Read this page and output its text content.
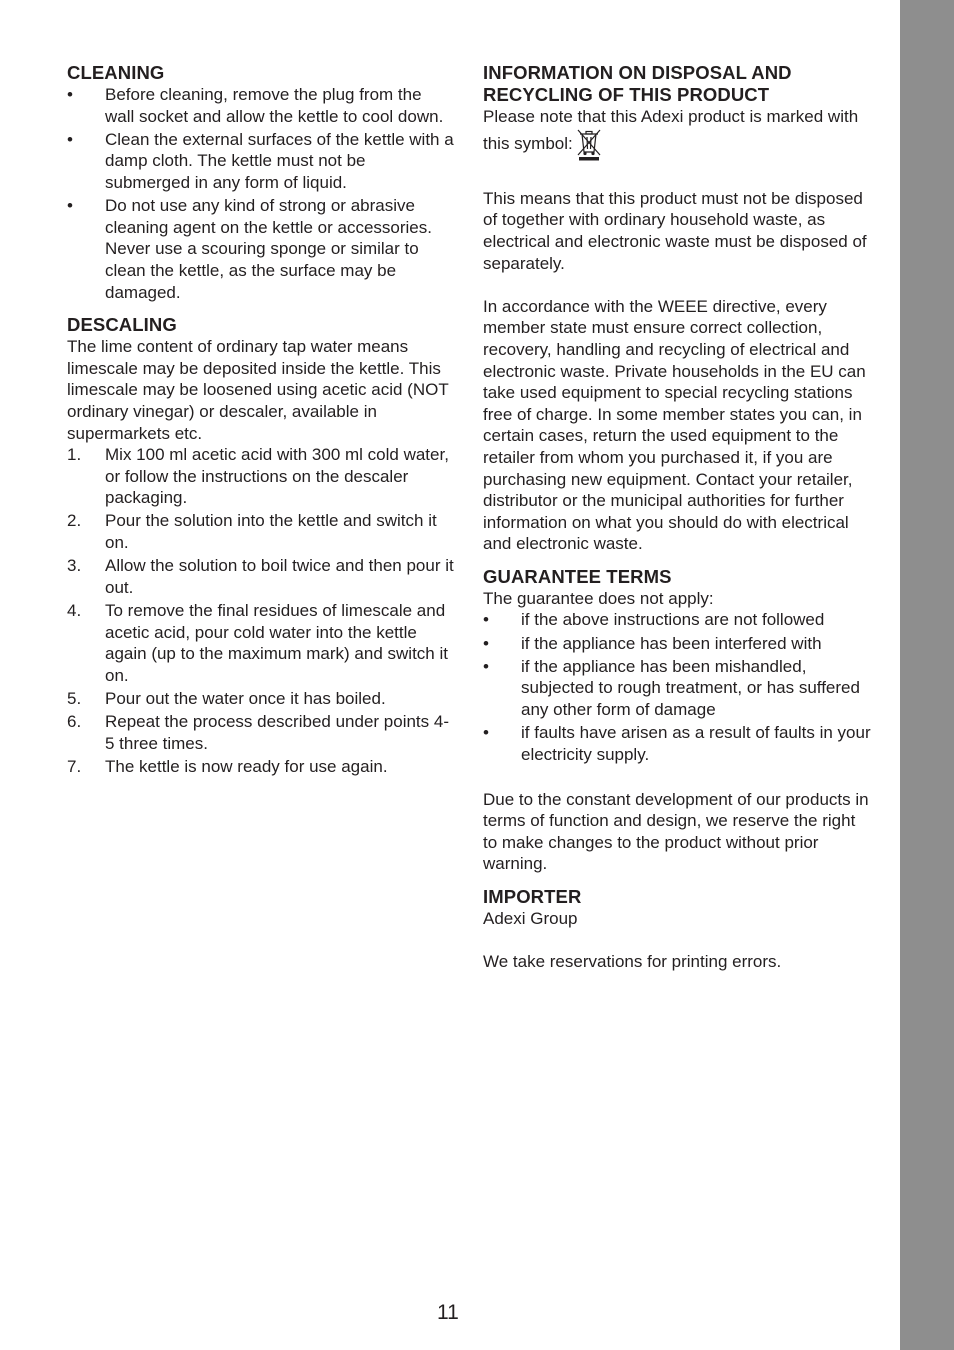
CLEANING
• Before cleaning, remove the plug from the wall socket and allow the kettle to cool down.
• Clean the external surfaces of the kettle with a damp cloth. The kettle must not be submerged in any form of liquid.
• Do not use any kind of strong or abrasive cleaning agent on the kettle or accessories. Never use a scouring sponge or similar to clean the kettle, as the surface may be damaged.
DESCALING

The lime content of ordinary tap water means limescale may be deposited inside the kettle. This limescale may be loosened using acetic acid (NOT ordinary vinegar) or descaler, available in supermarkets etc.

1. Mix 100 ml acetic acid with 300 ml cold water, or follow the instructions on the descaler packaging.
2. Pour the solution into the kettle and switch it on.
3. Allow the solution to boil twice and then pour it out.
4. To remove the final residues of limescale and acetic acid, pour cold water into the kettle again (up to the maximum mark) and switch it on.
5. Pour out the water once it has boiled.
6. Repeat the process described under points 4-5 three times.
7. The kettle is now ready for use again.
INFORMATION ON DISPOSAL AND
RECYCLING OF THIS PRODUCT

Please note that this Adexi product is marked with this symbol:

This means that this product must not be disposed of together with ordinary household waste, as electrical and electronic waste must be disposed of separately.

In accordance with the WEEE directive, every member state must ensure correct collection, recovery, handling and recycling of electrical and electronic waste. Private households in the EU can take used equipment to special recycling stations free of charge. In some member states you can, in certain cases, return the used equipment to the retailer from whom you purchased it, if you are purchasing new equipment. Contact your retailer, distributor or the municipal authorities for further information on what you should do with electrical and electronic waste.

GUARANTEE TERMS

The guarantee does not apply:

• if the above instructions are not followed
• if the appliance has been interfered with
• if the appliance has been mishandled, subjected to rough treatment, or has suffered any other form of damage
• if faults have arisen as a result of faults in your electricity supply.

Due to the constant development of our products in terms of function and design, we reserve the right to make changes to the product without prior warning.

IMPORTER

Adexi Group

We take reservations for printing errors.

11
